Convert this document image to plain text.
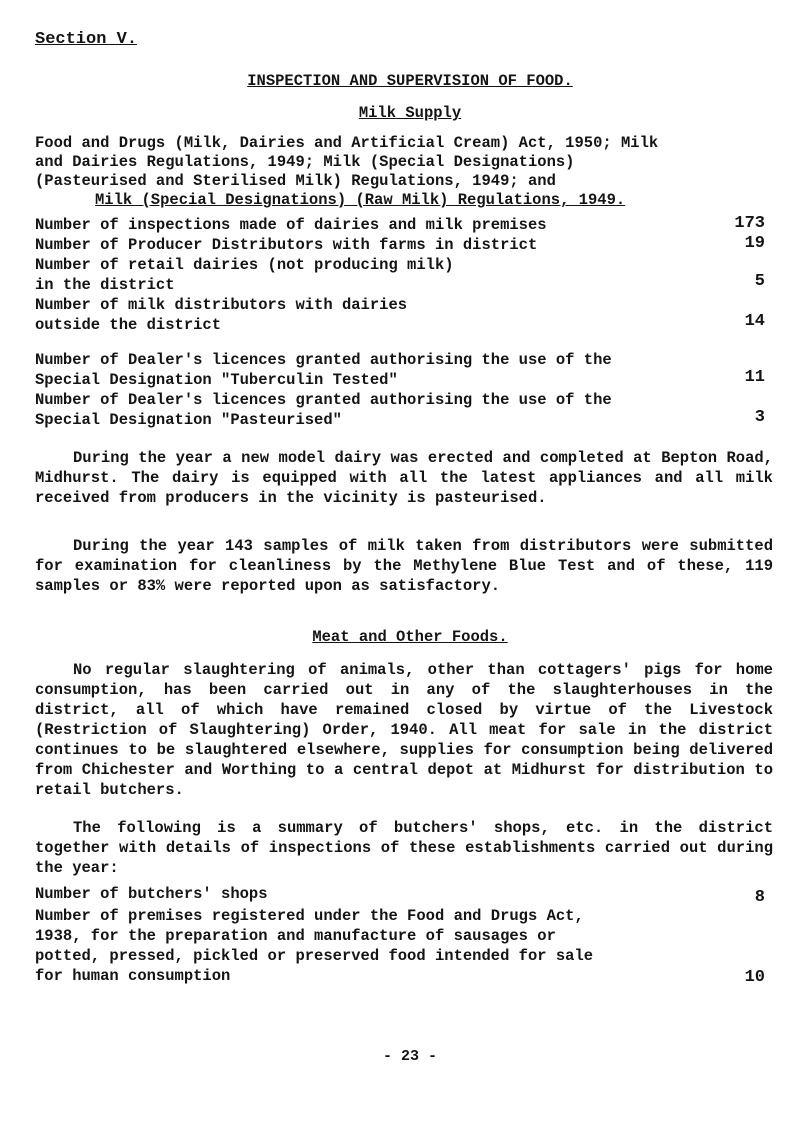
Section V.
INSPECTION AND SUPERVISION OF FOOD.
Milk Supply
Food and Drugs (Milk, Dairies and Artificial Cream) Act, 1950; Milk
and Dairies Regulations, 1949; Milk (Special Designations)
(Pasteurised and Sterilised Milk) Regulations, 1949; and
Milk (Special Designations) (Raw Milk) Regulations, 1949.
Number of inspections made of dairies and milk premises	173
Number of Producer Distributors with farms in district	19
Number of retail dairies (not producing milk) in the district	5
Number of milk distributors with dairies outside the district	14
Number of Dealer's licences granted authorising the use of the Special Designation "Tuberculin Tested"	11
Number of Dealer's licences granted authorising the use of the Special Designation "Pasteurised"	3
During the year a new model dairy was erected and completed at Bepton Road, Midhurst. The dairy is equipped with all the latest appliances and all milk received from producers in the vicinity is pasteurised.
During the year 143 samples of milk taken from distributors were submitted for examination for cleanliness by the Methylene Blue Test and of these, 119 samples or 83% were reported upon as satisfactory.
Meat and Other Foods.
No regular slaughtering of animals, other than cottagers' pigs for home consumption, has been carried out in any of the slaughterhouses in the district, all of which have remained closed by virtue of the Livestock (Restriction of Slaughtering) Order, 1940. All meat for sale in the district continues to be slaughtered elsewhere, supplies for consumption being delivered from Chichester and Worthing to a central depot at Midhurst for distribution to retail butchers.
The following is a summary of butchers' shops, etc. in the district together with details of inspections of these establishments carried out during the year:
Number of butchers' shops	8
Number of premises registered under the Food and Drugs Act, 1938, for the preparation and manufacture of sausages or potted, pressed, pickled or preserved food intended for sale for human consumption	10
- 23 -
